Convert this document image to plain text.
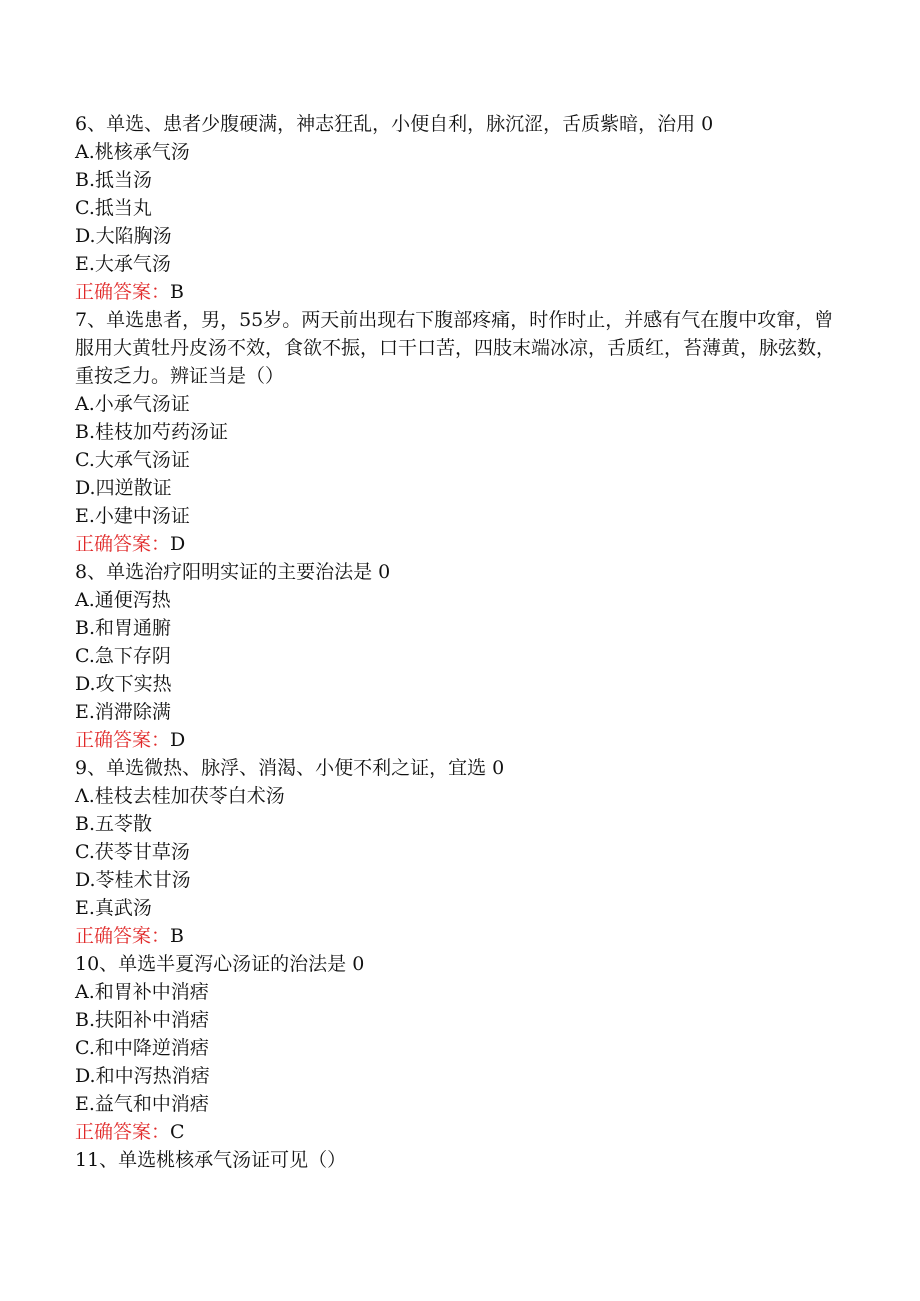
6、单选、患者少腹硬满，神志狂乱，小便自利，脉沉涩，舌质紫暗，治用 0
A.桃核承气汤
B.抵当汤
C.抵当丸
D.大陷胸汤
E.大承气汤
正确答案： B
7、单选患者，男，55岁。两天前出现右下腹部疼痛，时作时止，并感有气在腹中攻窜，曾服用大黄牡丹皮汤不效，食欲不振，口干口苦，四肢末端冰凉，舌质红，苔薄黄，脉弦数，重按乏力。辨证当是（）
A.小承气汤证
B.桂枝加芍药汤证
C.大承气汤证
D.四逆散证
E.小建中汤证
正确答案： D
8、单选治疗阳明实证的主要治法是 0
A.通便泻热
B.和胃通腑
C.急下存阴
D.攻下实热
E.消滞除满
正确答案： D
9、单选微热、脉浮、消渴、小便不利之证，宜选 0
Λ.桂枝去桂加茯苓白术汤
B.五苓散
C.茯苓甘草汤
D.苓桂术甘汤
E.真武汤
正确答案： B
10、单选半夏泻心汤证的治法是 0
A.和胃补中消痞
B.扶阳补中消痞
C.和中降逆消痞
D.和中泻热消痞
E.益气和中消痞
正确答案： C
11、单选桃核承气汤证可见（）
